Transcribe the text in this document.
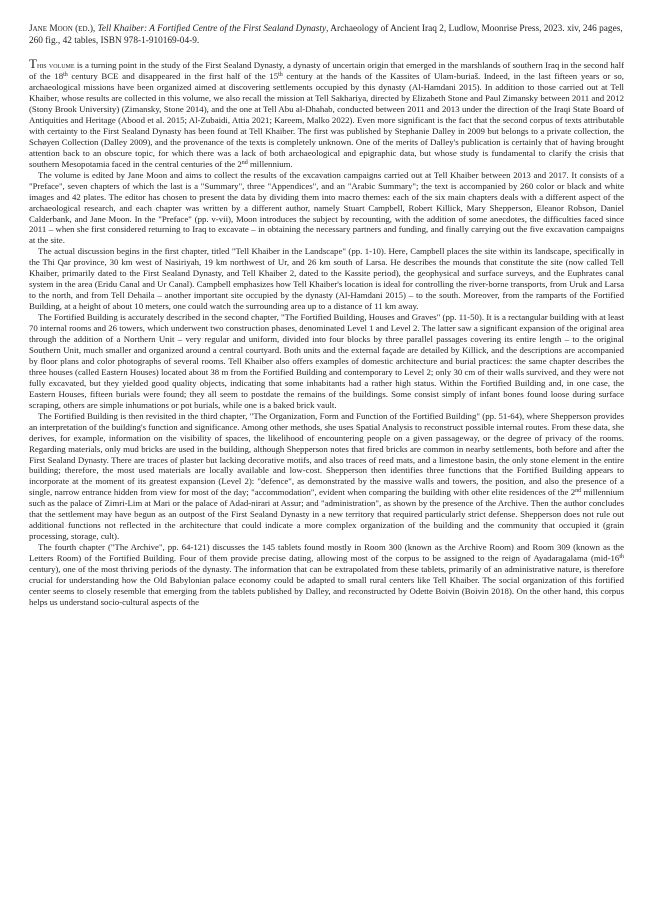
Jane Moon (ed.), Tell Khaiber: A Fortified Centre of the First Sealand Dynasty, Archaeology of Ancient Iraq 2, Ludlow, Moonrise Press, 2023. xiv, 246 pages, 260 fig., 42 tables, ISBN 978-1-910169-04-9.

This volume is a turning point in the study of the First Sealand Dynasty, a dynasty of uncertain origin that emerged in the marshlands of southern Iraq in the second half of the 18th century BCE and disappeared in the first half of the 15th century at the hands of the Kassites of Ulam-buriaš. Indeed, in the last fifteen years or so, archaeological missions have been organized aimed at discovering settlements occupied by this dynasty (Al-Hamdani 2015). In addition to those carried out at Tell Khaiber, whose results are collected in this volume, we also recall the mission at Tell Sakhariya, directed by Elizabeth Stone and Paul Zimansky between 2011 and 2012 (Stony Brook University) (Zimansky, Stone 2014), and the one at Tell Abu al-Dhahab, conducted between 2011 and 2013 under the direction of the Iraqi State Board of Antiquities and Heritage (Abood et al. 2015; Al-Zubaidi, Attia 2021; Kareem, Malko 2022). Even more significant is the fact that the second corpus of texts attributable with certainty to the First Sealand Dynasty has been found at Tell Khaiber. The first was published by Stephanie Dalley in 2009 but belongs to a private collection, the Schøyen Collection (Dalley 2009), and the provenance of the texts is completely unknown. One of the merits of Dalley's publication is certainly that of having brought attention back to an obscure topic, for which there was a lack of both archaeological and epigraphic data, but whose study is fundamental to clarify the crisis that southern Mesopotamia faced in the central centuries of the 2nd millennium.

The volume is edited by Jane Moon and aims to collect the results of the excavation campaigns carried out at Tell Khaiber between 2013 and 2017. It consists of a "Preface", seven chapters of which the last is a "Summary", three "Appendices", and an "Arabic Summary"; the text is accompanied by 260 color or black and white images and 42 plates. The editor has chosen to present the data by dividing them into macro themes: each of the six main chapters deals with a different aspect of the archaeological research, and each chapter was written by a different author, namely Stuart Campbell, Robert Killick, Mary Shepperson, Eleanor Robson, Daniel Calderbank, and Jane Moon. In the "Preface" (pp. v-vii), Moon introduces the subject by recounting, with the addition of some anecdotes, the difficulties faced since 2011 – when she first considered returning to Iraq to excavate – in obtaining the necessary partners and funding, and finally carrying out the five excavation campaigns at the site.

The actual discussion begins in the first chapter, titled "Tell Khaiber in the Landscape" (pp. 1-10). Here, Campbell places the site within its landscape, specifically in the Thi Qar province, 30 km west of Nasiriyah, 19 km northwest of Ur, and 26 km south of Larsa. He describes the mounds that constitute the site (now called Tell Khaiber, primarily dated to the First Sealand Dynasty, and Tell Khaiber 2, dated to the Kassite period), the geophysical and surface surveys, and the Euphrates canal system in the area (Eridu Canal and Ur Canal). Campbell emphasizes how Tell Khaiber's location is ideal for controlling the river-borne transports, from Uruk and Larsa to the north, and from Tell Dehaila – another important site occupied by the dynasty (Al-Hamdani 2015) – to the south. Moreover, from the ramparts of the Fortified Building, at a height of about 10 meters, one could watch the surrounding area up to a distance of 11 km away.

The Fortified Building is accurately described in the second chapter, "The Fortified Building, Houses and Graves" (pp. 11-50). It is a rectangular building with at least 70 internal rooms and 26 towers, which underwent two construction phases, denominated Level 1 and Level 2. The latter saw a significant expansion of the original area through the addition of a Northern Unit – very regular and uniform, divided into four blocks by three parallel passages covering its entire length – to the original Southern Unit, much smaller and organized around a central courtyard. Both units and the external façade are detailed by Killick, and the descriptions are accompanied by floor plans and color photographs of several rooms. Tell Khaiber also offers examples of domestic architecture and burial practices: the same chapter describes the three houses (called Eastern Houses) located about 38 m from the Fortified Building and contemporary to Level 2; only 30 cm of their walls survived, and they were not fully excavated, but they yielded good quality objects, indicating that some inhabitants had a rather high status. Within the Fortified Building and, in one case, the Eastern Houses, fifteen burials were found; they all seem to postdate the remains of the buildings. Some consist simply of infant bones found loose during surface scraping, others are simple inhumations or pot burials, while one is a baked brick vault.

The Fortified Building is then revisited in the third chapter, "The Organization, Form and Function of the Fortified Building" (pp. 51-64), where Shepperson provides an interpretation of the building's function and significance. Among other methods, she uses Spatial Analysis to reconstruct possible internal routes. From these data, she derives, for example, information on the visibility of spaces, the likelihood of encountering people on a given passageway, or the degree of privacy of the rooms. Regarding materials, only mud bricks are used in the building, although Shepperson notes that fired bricks are common in nearby settlements, both before and after the First Sealand Dynasty. There are traces of plaster but lacking decorative motifs, and also traces of reed mats, and a limestone basin, the only stone element in the entire building; therefore, the most used materials are locally available and low-cost. Shepperson then identifies three functions that the Fortified Building appears to incorporate at the moment of its greatest expansion (Level 2): "defence", as demonstrated by the massive walls and towers, the position, and also the presence of a single, narrow entrance hidden from view for most of the day; "accommodation", evident when comparing the building with other elite residences of the 2nd millennium such as the palace of Zimri-Lim at Mari or the palace of Adad-nirari at Assur; and "administration", as shown by the presence of the Archive. Then the author concludes that the settlement may have begun as an outpost of the First Sealand Dynasty in a new territory that required particularly strict defense. Shepperson does not rule out additional functions not reflected in the architecture that could indicate a more complex organization of the building and the community that occupied it (grain processing, storage, cult).

The fourth chapter ("The Archive", pp. 64-121) discusses the 145 tablets found mostly in Room 300 (known as the Archive Room) and Room 309 (known as the Letters Room) of the Fortified Building. Four of them provide precise dating, allowing most of the corpus to be assigned to the reign of Ayadaragalama (mid-16th century), one of the most thriving periods of the dynasty. The information that can be extrapolated from these tablets, primarily of an administrative nature, is therefore crucial for understanding how the Old Babylonian palace economy could be adapted to small rural centers like Tell Khaiber. The social organization of this fortified center seems to closely resemble that emerging from the tablets published by Dalley, and reconstructed by Odette Boivin (Boivin 2018). On the other hand, this corpus helps us understand socio-cultural aspects of the
